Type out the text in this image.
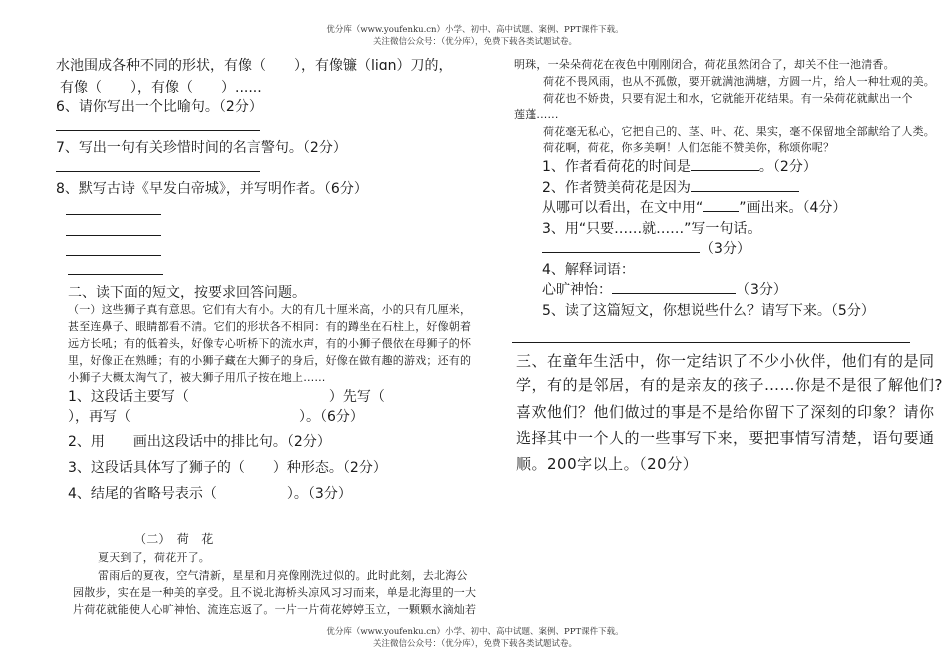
优分库（www.youfenku.cn）小学、初中、高中试题、案例、PPT课件下载。
关注微信公众号：（优分库），免费下载各类试题试卷。
水池围成各种不同的形状，有像（　　），有像镰（liɑn）刀的，
有像（　　），有像（　　）......
6、请你写出一个比喻句。（2分）
7、写出一句有关珍惜时间的名言警句。（2分）
8、默写古诗《早发白帝城》，并写明作者。（6分）
二、读下面的短文，按要求回答问题。
（一）这些狮子真有意思。它们有大有小。大的有几十厘米高，小的只有几厘米，
甚至连鼻子、眼睛都看不清。它们的形状各不相同：有的蹲坐在石柱上，好像朝着
远方长吼；有的低着头，好像专心听桥下的流水声，有的小狮子偎依在母狮子的怀
里，好像正在熟睡；有的小狮子藏在大狮子的身后，好像在做有趣的游戏；还有的
小狮子大概太淘气了，被大狮子用爪子按在地上……
1、这段话主要写（　　　　　　　　　　）先写（
），再写（　　　　　　　　　　　　）。（6分）
2、用　　画出这段话中的排比句。（2分）
3、这段话具体写了狮子的（　　）种形态。（2分）
4、结尾的省略号表示（　　　　　）。（3分）
（二）　荷　花
夏天到了，荷花开了。
雷雨后的夏夜，空气清新，星星和月亮像刚洗过似的。此时此刻，去北海公
园散步，实在是一种美的享受。且不说北海桥头凉风习习而来，单是北海里的一大
片荷花就能使人心旷神怡、流连忘返了。一片一片荷花婷婷玉立，一颗颗水滴灿若
明珠，一朵朵荷花在夜色中刚刚闭合，荷花虽然闭合了，却关不住一池清香。
荷花不畏风雨，也从不孤傲，要开就满池满塘，方圆一片，给人一种壮观的美。
荷花也不娇贵，只要有泥土和水，它就能开花结果。有一朵荷花就献出一个
莲蓬......
荷花毫无私心，它把自己的、茎、叶、花、果实，毫不保留地全部献给了人类。
荷花啊，荷花，你多美啊！人们怎能不赞美你，称颂你呢？
1、作者看荷花的时间是	。（2分）
2、作者赞美荷花是因为
从哪可以看出，在文中用“	”画出来。（4分）
3、用“只要……就……”写一句话。
（3分）
4、解释词语：
心旷神怡：	（3分）
5、读了这篇短文，你想说些什么？请写下来。（5分）
三、在童年生活中，你一定结识了不少小伙伴，他们有的是同
学，有的是邻居，有的是亲友的孩子……你是不是很了解他们?
喜欢他们？他们做过的事是不是给你留下了深刻的印象？请你
选择其中一个人的一些事写下来，要把事情写清楚，语句要通
顺。200字以上。（20分）
优分库（www.youfenku.cn）小学、初中、高中试题、案例、PPT课件下载。
关注微信公众号：（优分库），免费下载各类试题试卷。
